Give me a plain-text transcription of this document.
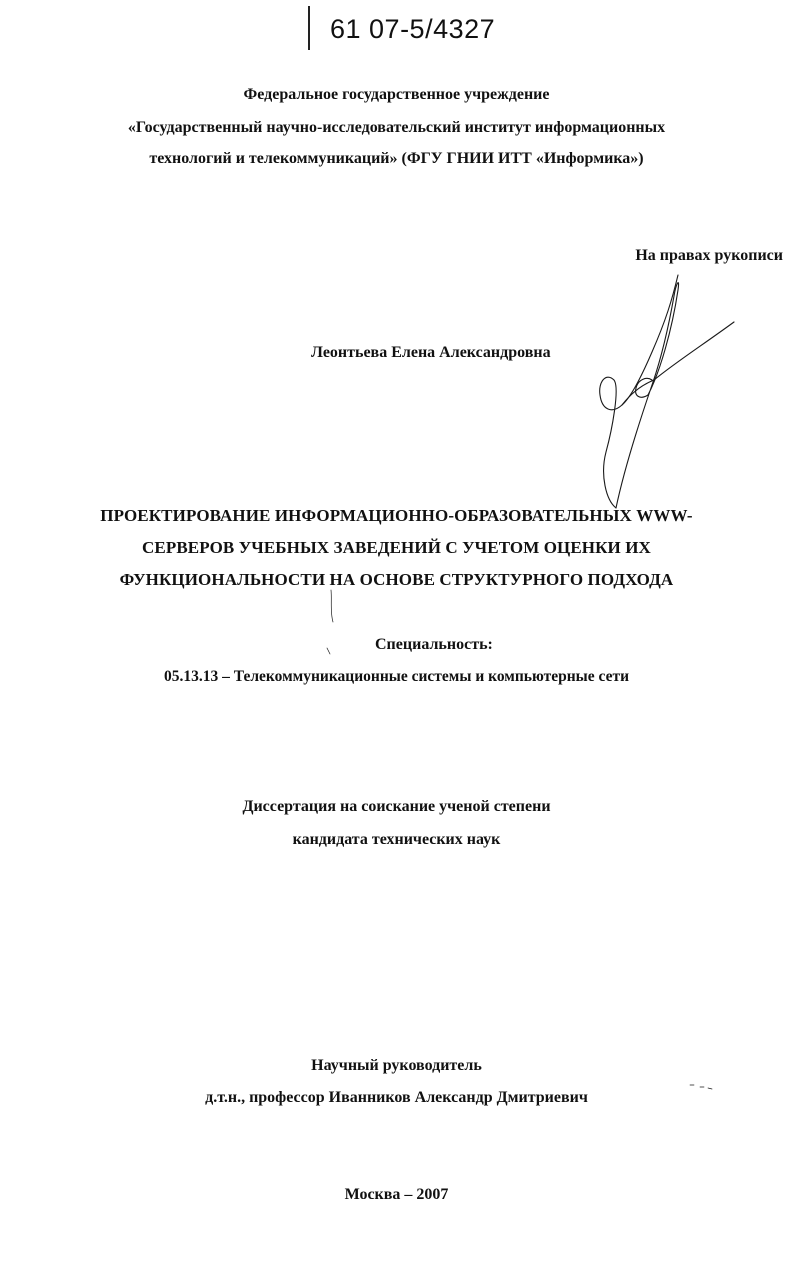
61 07-5/4327
Федеральное государственное учреждение
«Государственный научно-исследовательский институт информационных
технологий и телекоммуникаций» (ФГУ ГНИИ ИТТ «Информика»)
На правах рукописи
Леонтьева Елена Александровна
ПРОЕКТИРОВАНИЕ ИНФОРМАЦИОННО-ОБРАЗОВАТЕЛЬНЫХ WWW-
СЕРВЕРОВ УЧЕБНЫХ ЗАВЕДЕНИЙ С УЧЕТОМ ОЦЕНКИ ИХ
ФУНКЦИОНАЛЬНОСТИ НА ОСНОВЕ СТРУКТУРНОГО ПОДХОДА
Специальность:
05.13.13 – Телекоммуникационные системы и компьютерные сети
Диссертация на соискание ученой степени
кандидата технических наук
Научный руководитель
д.т.н., профессор Иванников Александр Дмитриевич
Москва – 2007
